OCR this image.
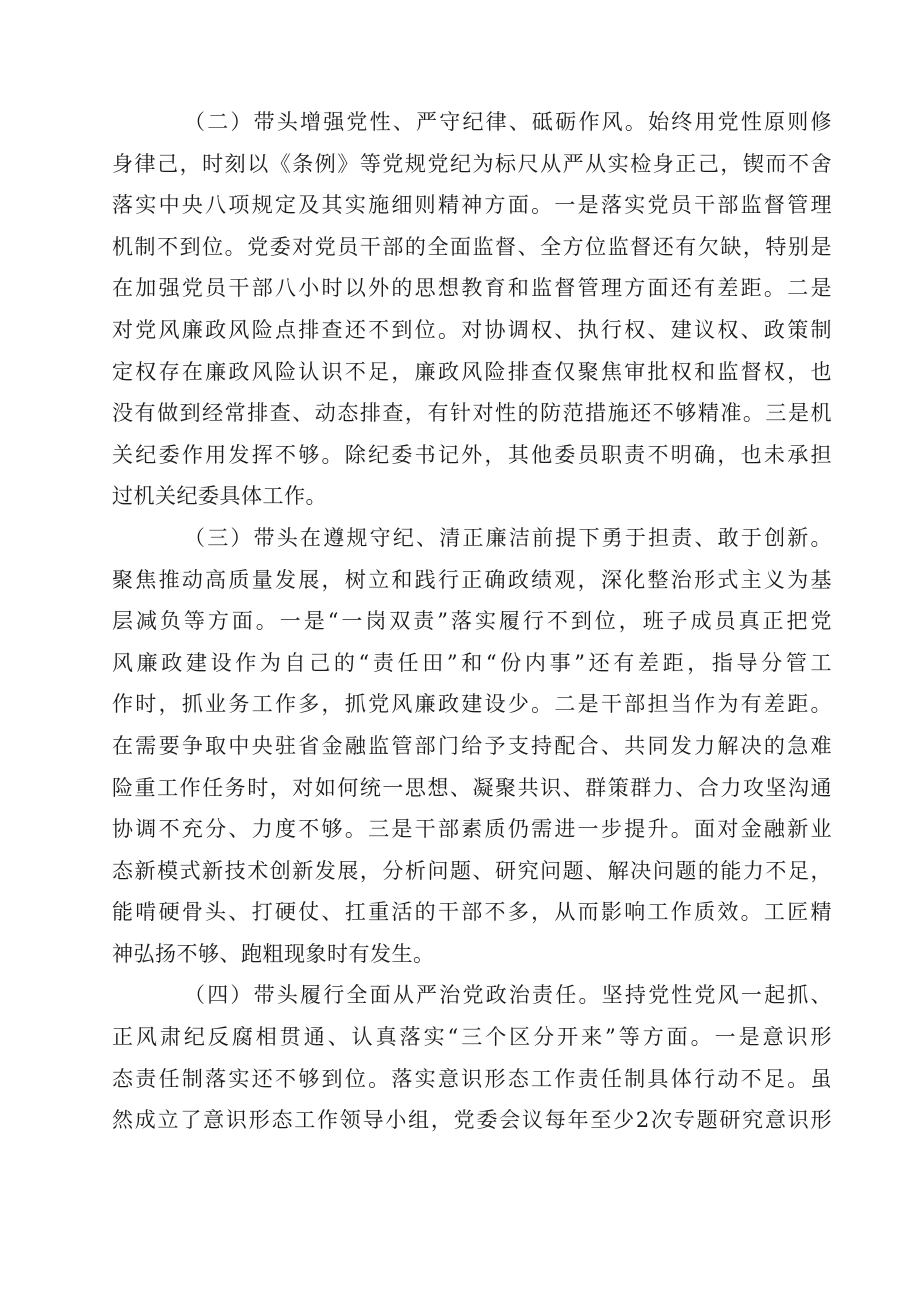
（二）带头增强党性、严守纪律、砥砺作风。始终用党性原则修
身律己，时刻以《条例》等党规党纪为标尺从严从实检身正己，锲而不舍
落实中央八项规定及其实施细则精神方面。一是落实党员干部监督管理
机制不到位。党委对党员干部的全面监督、全方位监督还有欠缺，特别是
在加强党员干部八小时以外的思想教育和监督管理方面还有差距。二是
对党风廉政风险点排查还不到位。对协调权、执行权、建议权、政策制
定权存在廉政风险认识不足，廉政风险排查仅聚焦审批权和监督权，也
没有做到经常排查、动态排查，有针对性的防范措施还不够精准。三是机
关纪委作用发挥不够。除纪委书记外，其他委员职责不明确，也未承担
过机关纪委具体工作。
（三）带头在遵规守纪、清正廉洁前提下勇于担责、敢于创新。
聚焦推动高质量发展，树立和践行正确政绩观，深化整治形式主义为基
层减负等方面。一是“一岗双责”落实履行不到位，班子成员真正把党
风廉政建设作为自己的“责任田”和“份内事”还有差距，指导分管工
作时，抓业务工作多，抓党风廉政建设少。二是干部担当作为有差距。
在需要争取中央驻省金融监管部门给予支持配合、共同发力解决的急难
险重工作任务时，对如何统一思想、凝聚共识、群策群力、合力攻坚沟通
协调不充分、力度不够。三是干部素质仍需进一步提升。面对金融新业
态新模式新技术创新发展，分析问题、研究问题、解决问题的能力不足，
能啃硬骨头、打硬仗、扛重活的干部不多，从而影响工作质效。工匠精
神弘扬不够、跑粗现象时有发生。
（四）带头履行全面从严治党政治责任。坚持党性党风一起抓、
正风肃纪反腐相贯通、认真落实“三个区分开来”等方面。一是意识形
态责任制落实还不够到位。落实意识形态工作责任制具体行动不足。虽
然成立了意识形态工作领导小组，党委会议每年至少2次专题研究意识形
